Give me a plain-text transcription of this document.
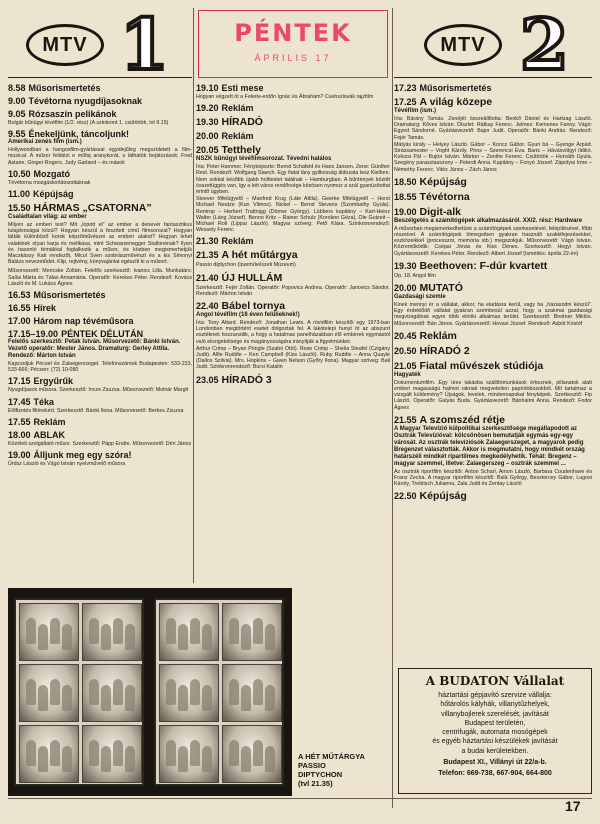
MTV 1
8.58 Műsorismertetés
9.00 Tévétorna nyugdíjasoknak
9.05 Rózsaszín pelikánok
Bolgár bűnügyi tévéfilm (1/2. rész) (A szinkront 1. csütörtök, tvt 9.15)
9.55 Énekeljünk, táncoljunk!
Amerikai zenés film (ism.)
Hollywoodban a hangosfilm-gyártással egyidejűleg megszületett a film-musical. A műsor felidézi e műfaj aranykorát, s láthatók bejátszások: Fred Astaire, Ginger Rogers, Judy Garland – és mások
10.50 Mozgató
Tévétorna mozgáskorlátozottaknak
11.00 Képújság
15.50 HÁRMAS „CSATORNA”
Családtalan világ: az ember
Milyen az emberi test? Mit „lopott el” az ember a denevér fantasztikus tulajdonságai közül? Hogyan készül a feszített című filmsorozat? Hogyan látták különböző korok képzőművészei az emberi alakot? Hogyan lehet valakinek olyan karja és mellkasa, mint Schwarzenegger Stallonénak? Ilyen és hasonló témákkal foglalkozik a műsor, és közben megismerhetjük Macskássy Kati rendezőt, Micul Sven szobrászművészt és a kis Simonyi Balázs nevezetűdet. Klip, rejtvény, könyvajánlat egészíti ki a műsort.
Műsorvezető: Mericske Zoltán. Felelős szerkesztő: Ivanics Lilla. Munkatárs: Sallai Márta és Tálas Annamária. Operatőr: Kerekes Péter. Rendező: Kovács László és M. Lukács Ágnes
16.53 Műsorismertetés
16.55 Hírek
17.00 Három nap tévéműsora
17.15–19.00 PÉNTEK DÉLUTÁN
Felelős szerkesztő: Peták István. Műsorvezető: Bánki István. Vezető operatőr: Mester János. Dramaturg: Gerley Attila. Rendező: Márton István
Kapcsoljuk Pécset és Zalaegerszeget. Telefonszámok Budapesten: 533-233, 533-666; Pécsen: (72) 10-080
17.15 Ergyűrűk
Nyugdíjasok műsora. Szerkesztő: Incze Zsuzsa. Műsorvezető: Molnár Margit
17.45 Téka
Előfizetés fillérekért. Szerkesztő: Bánki Ilona. Műsorvezető: Berkes Zsuzsa
17.55 Reklám
18.00 ABLAK
Közéleti szolgáltató műsor. Szerkesztő: Pápp Endre. Műsorvezető: Déri János
19.00 Álljunk meg egy szóra!
Ürdsz László és Vágó István nyelvművelő műsora
PÉNTEK
ÁPRILIS 17
19.10 Esti mese
Hogyan végzett öt a Fekete-erdőn Ignác és Ábrahám? Csehszlovák rajzfilm
19.20 Reklám
19.30 HÍRADÓ
20.00 Reklám
20.05 Tetthely
NSZK bűnügyi tévéfilmsorozat. Tévedni halálos
Írta: Peter Hammer. Fényképezte: Bernd Schafeld és Hans Jansen. Zene: Günther Rest. Rendező: Wolfgang Staech. Egy fiatal lány gyilkosság áldozata lesz Kielben. Nem sokkal később újabb holttestet találnak – Hamburgban. A bűntények között összefüggés van, így a két város rendőrsége közösen nyomoz a szál gyanúsítottat érintő ügyben.
Stoever főfelügyelő – Manfred Krug (Láte Attila). Geerke főfelügyelő – Horst Michael Neutze (Kun Vilmos). Nickel – Bernd Stevens (Szombathy Gyula). Rentrop – Herbert Trattnigg (Dörner György). Lübbers kapitány – Karl-Heinz Walter (Láng József). Benno Kritz – Rainer Schulz (Korokno Géza), Ole Gutzeit – Michael Roll (Lippai László). Magyar szöveg: Pető Klára. Szinkronrendező: Wessely Ferenc
21.30 Reklám
21.35 A hét műtárgya
Passio diptychon (Iparművészeti Múzeum)
21.40 ÚJ HULLÁM
Szerkesztő: Fejér Zoltán. Operatőr: Popovics Andrea. Operatőr: Janovics Sándor. Rendező: Márton István
22.40 Bábel tornya
Angol tévéfilm (16 éven felülieknek!)
Írta: Tony Attard. Rendező: Jonathan Lewis. A rövidfilm készítői egy 1973-ban Londonban megtörtént esetet dolgoztak fel. A lakótelepi hunyt öt az abszurd esztéknek hozzanstlik, a hogy a hatalmas panelházakban élő emberek egymástól való elszigeteltsége és magányosságára irányítják a figyelmünket.
Arthur Crimp – Bryan Pringle (Szabó Ottó). Rose Crimp – Sheila Steafel (Czigány Judit). Alfie Ruddle – Ken Campbell (Kiss László). Ruby Ruddle – Anna Quayle (Dallos Szilvia). Mrs. Hopkins – Gwen Nelson (Győry Ilona). Magyar szöveg: Bali Judit. Szinkronrendező: Bursi Katalin
23.05 HÍRADÓ 3
MTV 2
17.23 Műsorismertetés
17.25 A világ közepe
Tévéfilm (ism.)
Írta: Bárány Tamás. Zenéjét összeállította: Benkő Dániel és Hartzag László. Dramaturg: Kőves István. Díszlet: Rátkay Ferenc. Jelmez: Kemenes Fanny. Vágó: Egyed Sándorné. Gyártásvezető: Bajor Judit. Operatőr: Bánki András. Rendező: Fejér Tamás.
Mátyás király – Helyey László. Gábor – Koncz Gábor. Gyuri bá – Gyenge Árpád. Strázsamester – Voght Károly. Piros – Szerencsi Éva. Baris – Hávásvölgyi Ildikó. Kolozsi Pál – Bujtor István. Márton – Zenthe Ferenc. Csütörtök – Horváth Gyula. Szegény parasztasszony – Peterdi Anna. Kapitány – Fonyó József. Zápolyai Imre – Némethy Ferenc. Vitéz János – Zách János
18.50 Képújság
18.55 Tévétorna
19.00 Digit-alk
Beszélgetés a számítógépek alkalmazásáról. XX/2. rész: Hardware
A műsorban megismerkedhetünk a számítógépek szerkezetével, felépítésével, főbb részeivel. A számítógépek tömegeiben gyakran használt szakkifejezésekkel, eszközeikkel (processzor, memória stb.) megszokjuk. Műsorvezető: Vágó István. Közreműködik: Csépai Jónás és Kiss Dénes. Szerkesztő: Hegyi István. Gyártásvezető: Kerekes Péter. Rendező: Albert József (Ismétlés: április 22-én)
19.30 Beethoven: F-dúr kvartett
Op. 18. Angol film
20.00 MUTATÓ
Gazdasági szemle
Kinek mennyi ér a vállalat, akkor, ha eladásra kerül, vagy ha „házasodni készül”. Egy érdeklődő vállalat gyakran szembesül azzal, hogy a szakmai gazdasági megvizsgálnak egyre több elnöki alkalmas terület. Szerkesztő: Breitner Miklós. Műsorvezető: Bán János. Gyártásvezető: Hovasi József. Rendező: Asbót Kristóf
20.45 Reklám
20.50 HÍRADÓ 2
21.05 Fiatal művészek stúdiója
Hagyaték
Dokumentumfilm. Egy üres lakásba szállítómunkások érkeznek, pillanatok alatt emberi magasságú halmot raknak megvetetlen papírdobozokból. Mit tartalmaz a vizsgált küldemény? Újságok, levelek, mindennapokat fényképek. Szerkesztő: Fip László. Operatőr: Gulyás Buda. Gyártásvezető: Bánhalmi Anna. Rendező: Fodor Ágnes
21.55 A szomszéd rétje
A Magyar Televízió külpolitikai szerkesztősége megállapodott az Osztrák Televízióval: kölcsönösen bemutatják egymás egy-egy városát. Az osztrák televíziósok Zalaegerszeget, a magyarok pedig Bregenzet választották. Akkor is megmutatni, hogy mindkét ország határszéli mindkét ripartilmes megkedélyhetik. Tehát: Bregenz – magyar szemmel, illetve: Zalaegerszeg – osztrák szemmel ...
Az osztrák riportfilm készítői: Anton Scharl, Amon László, Barbara Coudenhave és Franz Zecha. A magyar riportfilm készítői: Balá György, Besztercey Gábor, Lugosi Károly, Trebitsch Julianna, Zala Judit és Zentay László
22.50 Képújság
A HÉT MŰTÁRGYA
PASSIO
DIPTYCHON
(tvl 21.35)
A BUDATON Vállalat
háztartási gépjavító szervize vállalja:
hőtárolós kályhák, villanytűzhelyek,
villanybojlerek szerelését, javítását
Budapest területén,
centrifugák, automata mosógépek
és egyéb háztartási készülékek javítását
a budai kerületekben.
Budapest XI., Villányi út 22/a-b.
Telefon: 669-738, 667-904, 664-800
17
